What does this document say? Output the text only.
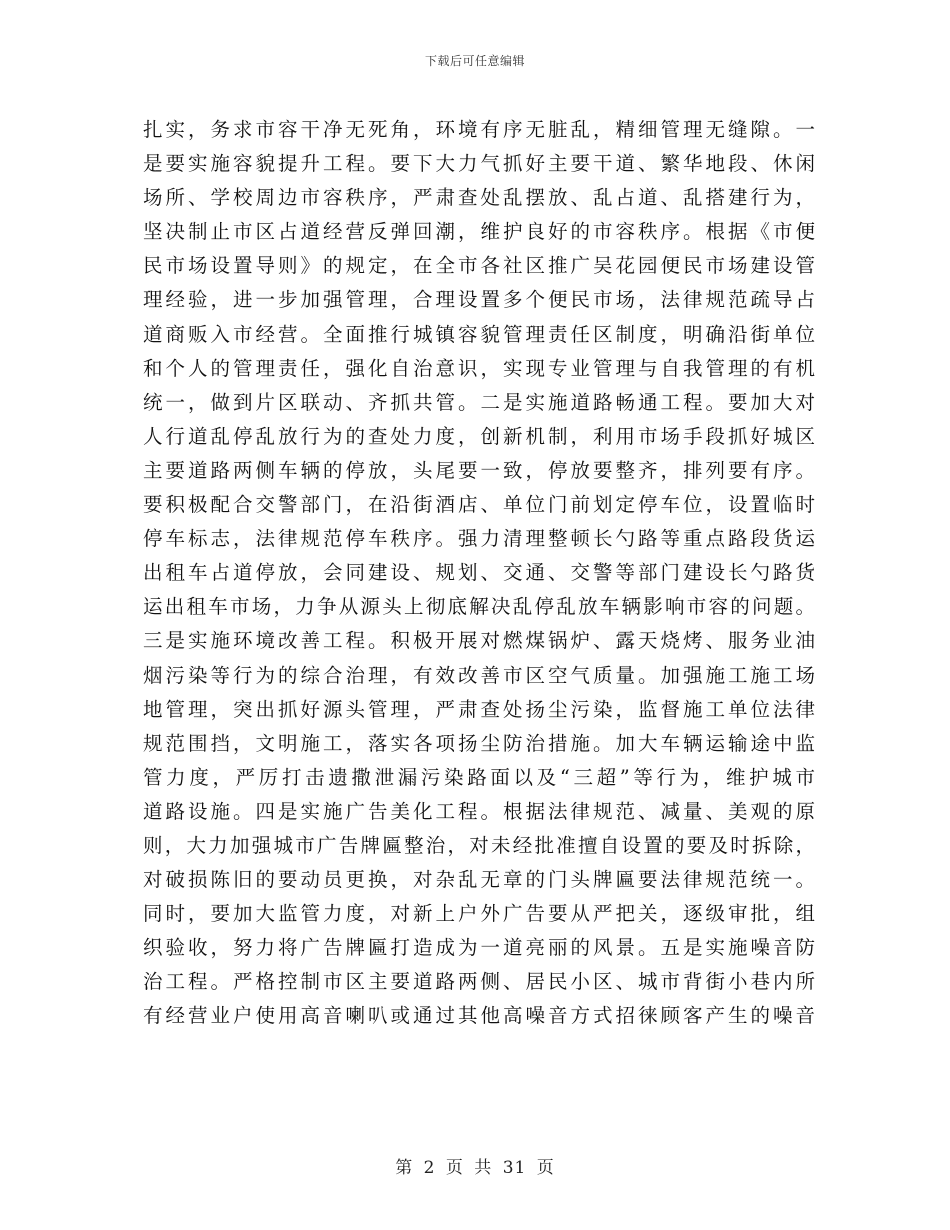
下载后可任意编辑
扎实，务求市容干净无死角，环境有序无脏乱，精细管理无缝隙。一
是要实施容貌提升工程。要下大力气抓好主要干道、繁华地段、休闲
场所、学校周边市容秩序，严肃查处乱摆放、乱占道、乱搭建行为，
坚决制止市区占道经营反弹回潮，维护良好的市容秩序。根据《市便
民市场设置导则》的规定，在全市各社区推广吴花园便民市场建设管
理经验，进一步加强管理，合理设置多个便民市场，法律规范疏导占
道商贩入市经营。全面推行城镇容貌管理责任区制度，明确沿街单位
和个人的管理责任，强化自治意识，实现专业管理与自我管理的有机
统一，做到片区联动、齐抓共管。二是实施道路畅通工程。要加大对
人行道乱停乱放行为的查处力度，创新机制，利用市场手段抓好城区
主要道路两侧车辆的停放，头尾要一致，停放要整齐，排列要有序。
要积极配合交警部门，在沿街酒店、单位门前划定停车位，设置临时
停车标志，法律规范停车秩序。强力清理整顿长勺路等重点路段货运
出租车占道停放，会同建设、规划、交通、交警等部门建设长勺路货
运出租车市场，力争从源头上彻底解决乱停乱放车辆影响市容的问题。
三是实施环境改善工程。积极开展对燃煤锅炉、露天烧烤、服务业油
烟污染等行为的综合治理，有效改善市区空气质量。加强施工施工场
地管理，突出抓好源头管理，严肃查处扬尘污染，监督施工单位法律
规范围挡，文明施工，落实各项扬尘防治措施。加大车辆运输途中监
管力度，严厉打击遗撒泄漏污染路面以及“三超”等行为，维护城市
道路设施。四是实施广告美化工程。根据法律规范、减量、美观的原
则，大力加强城市广告牌匾整治，对未经批准擅自设置的要及时拆除，
对破损陈旧的要动员更换，对杂乱无章的门头牌匾要法律规范统一。
同时，要加大监管力度，对新上户外广告要从严把关，逐级审批，组
织验收，努力将广告牌匾打造成为一道亮丽的风景。五是实施噪音防
治工程。严格控制市区主要道路两侧、居民小区、城市背街小巷内所
有经营业户使用高音喇叭或通过其他高噪音方式招徕顾客产生的噪音
第 2 页 共 31 页
